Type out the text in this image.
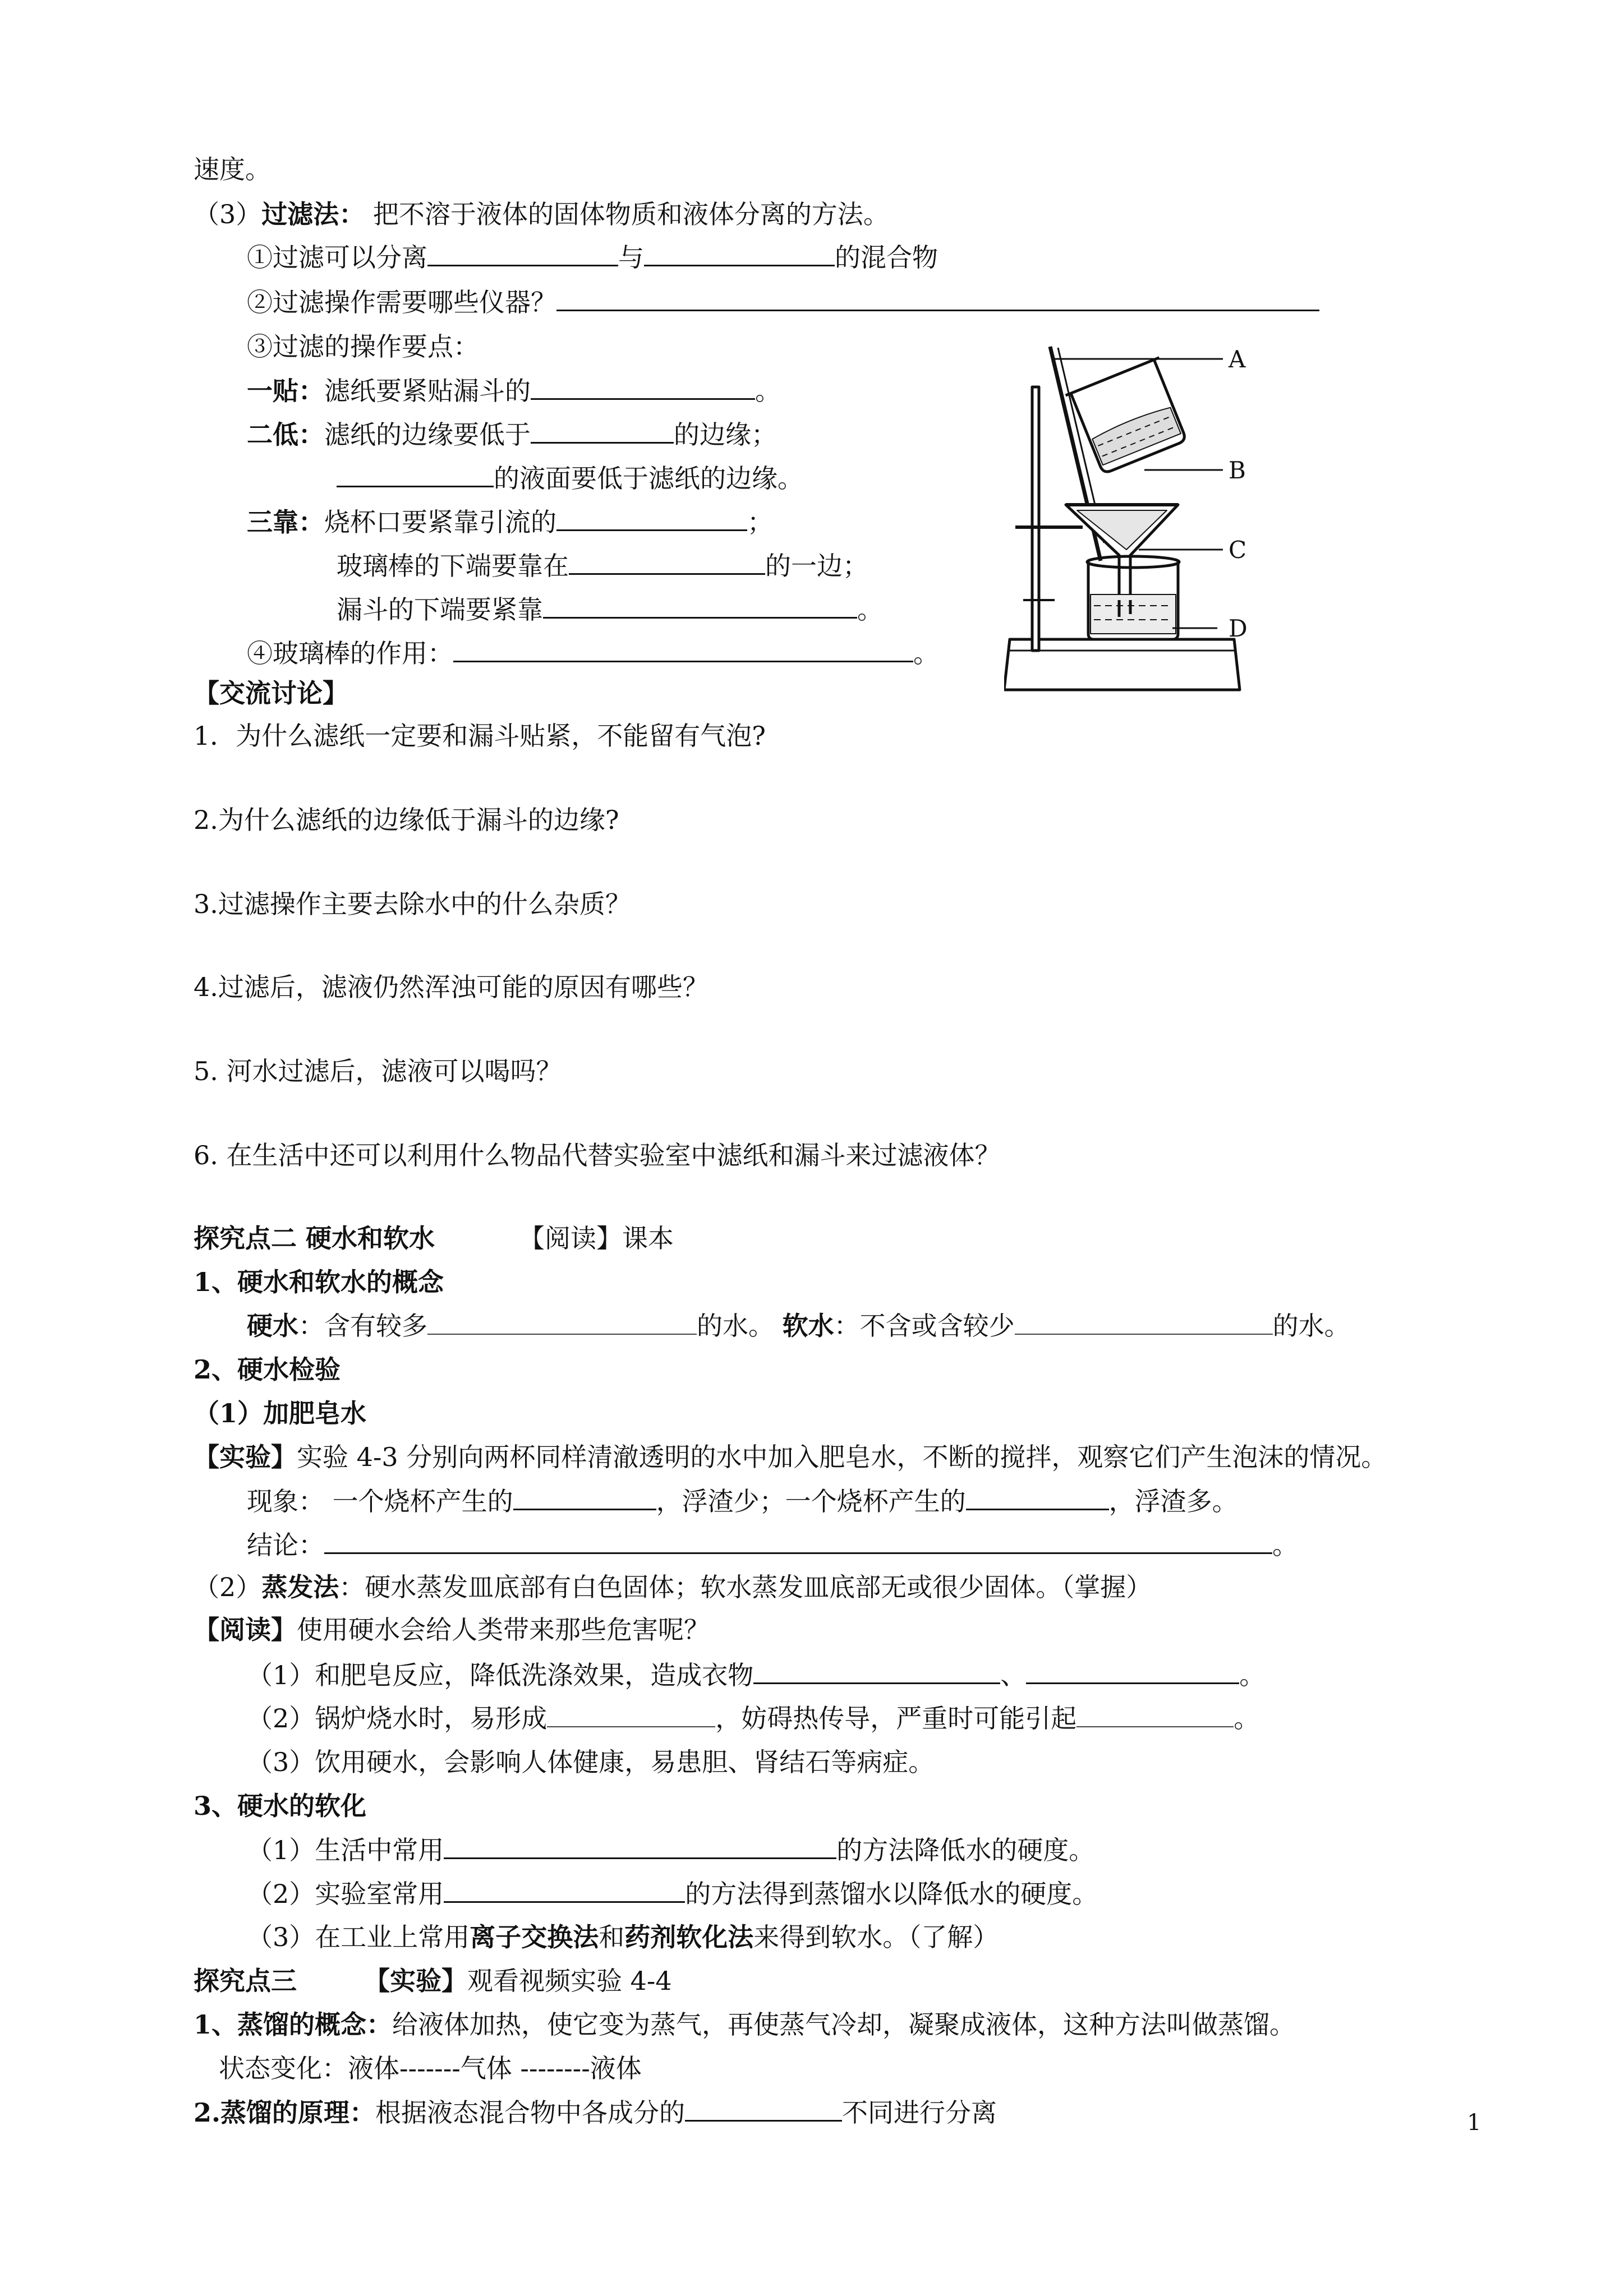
速度。
（3）过滤法： 把不溶于液体的固体物质和液体分离的方法。
①过滤可以分离	与	的混合物
②过滤操作需要哪些仪器？
③过滤的操作要点：
一贴：滤纸要紧贴漏斗的	。
二低：滤纸的边缘要低于	的边缘；
的液面要低于滤纸的边缘。
三靠：烧杯口要紧靠引流的	；
玻璃棒的下端要靠在	的一边；
漏斗的下端要紧靠	。
④玻璃棒的作用：	。
【交流讨论】
1．为什么滤纸一定要和漏斗贴紧，不能留有气泡?
2.为什么滤纸的边缘低于漏斗的边缘?
3.过滤操作主要去除水中的什么杂质？
4.过滤后，滤液仍然浑浊可能的原因有哪些？
5. 河水过滤后，滤液可以喝吗？
6. 在生活中还可以利用什么物品代替实验室中滤纸和漏斗来过滤液体？
探究点二 硬水和软水	【阅读】课本
1、硬水和软水的概念
硬水：含有较多	的水。 软水：不含或含较少	的水。
2、硬水检验
（1）加肥皂水
【实验】实验 4-3 分别向两杯同样清澈透明的水中加入肥皂水，不断的搅拌，观察它们产生泡沫的情况。
现象： 一个烧杯产生的	，浮渣少；一个烧杯产生的	，浮渣多。
结论：	。
（2）蒸发法：硬水蒸发皿底部有白色固体；软水蒸发皿底部无或很少固体。（掌握）
【阅读】使用硬水会给人类带来那些危害呢？
（1）和肥皂反应，降低洗涤效果，造成衣物	、	。
（2）锅炉烧水时，易形成	，妨碍热传导，严重时可能引起	。
（3）饮用硬水，会影响人体健康，易患胆、肾结石等病症。
3、硬水的软化
（1）生活中常用	的方法降低水的硬度。
（2）实验室常用	的方法得到蒸馏水以降低水的硬度。
（3）在工业上常用离子交换法和药剂软化法来得到软水。（了解）
探究点三	【实验】观看视频实验 4-4
1、蒸馏的概念：给液体加热，使它变为蒸气，再使蒸气冷却，凝聚成液体，这种方法叫做蒸馏。
状态变化：液体-------气体 --------液体
2.蒸馏的原理：根据液态混合物中各成分的	不同进行分离
A
B
C
D
1
